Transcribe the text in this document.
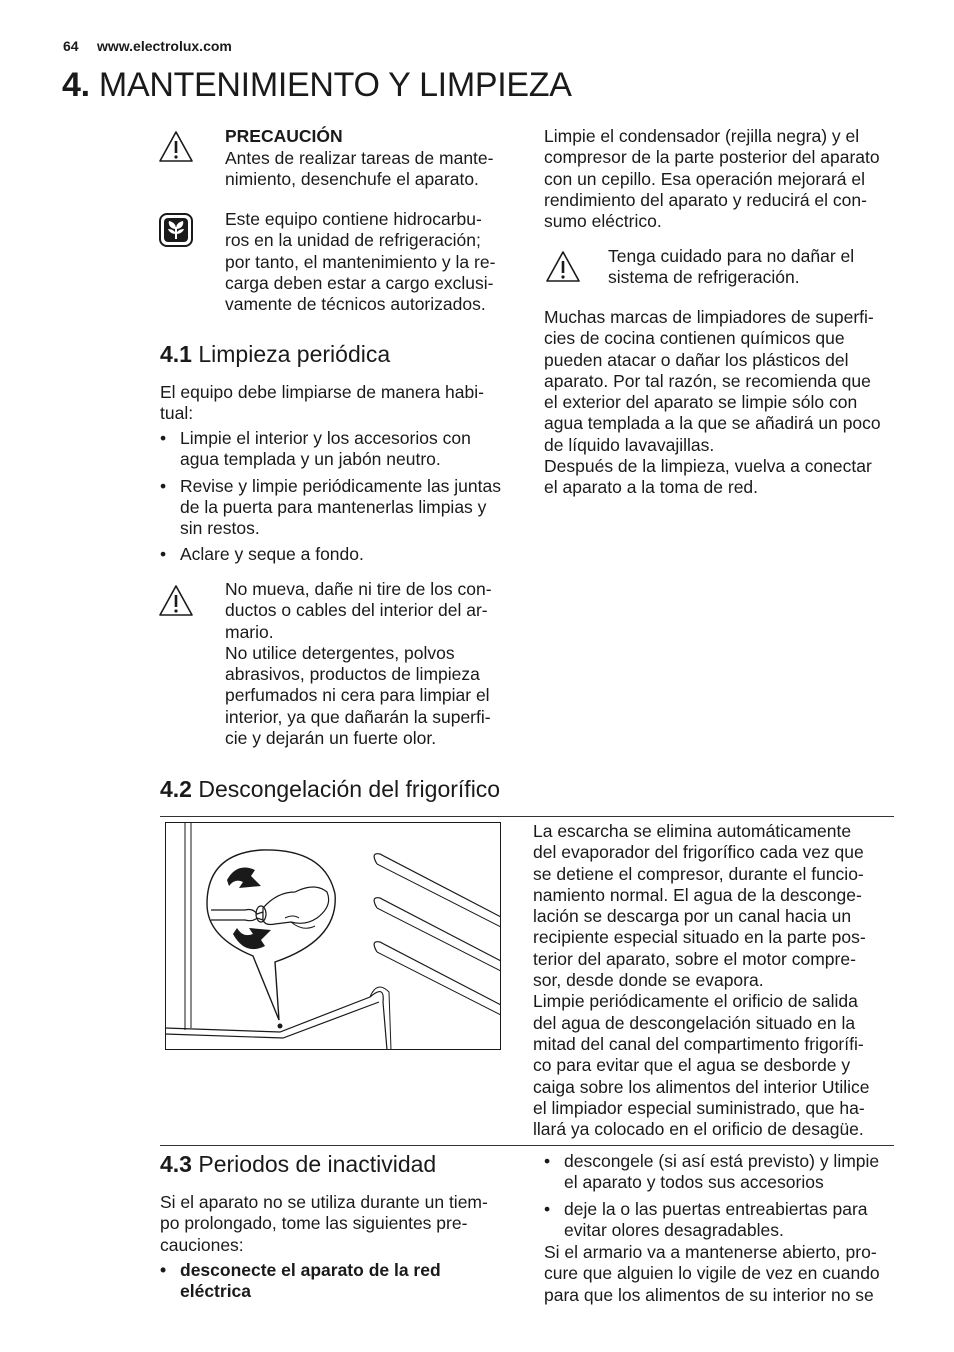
64 www.electrolux.com
4. MANTENIMIENTO Y LIMPIEZA
PRECAUCIÓN
Antes de realizar tareas de mante-
nimiento, desenchufe el aparato.
Este equipo contiene hidrocarbu-
ros en la unidad de refrigeración;
por tanto, el mantenimiento y la re-
carga deben estar a cargo exclusi-
vamente de técnicos autorizados.
4.1 Limpieza periódica
El equipo debe limpiarse de manera habi-
tual:
• Limpie el interior y los accesorios con
agua templada y un jabón neutro.
• Revise y limpie periódicamente las juntas
de la puerta para mantenerlas limpias y
sin restos.
• Aclare y seque a fondo.
No mueva, dañe ni tire de los con-
ductos o cables del interior del ar-
mario.
No utilice detergentes, polvos
abrasivos, productos de limpieza
perfumados ni cera para limpiar el
interior, ya que dañarán la superfi-
cie y dejarán un fuerte olor.
Limpie el condensador (rejilla negra) y el
compresor de la parte posterior del aparato
con un cepillo. Esa operación mejorará el
rendimiento del aparato y reducirá el con-
sumo eléctrico.
Tenga cuidado para no dañar el
sistema de refrigeración.
Muchas marcas de limpiadores de superfi-
cies de cocina contienen químicos que
pueden atacar o dañar los plásticos del
aparato. Por tal razón, se recomienda que
el exterior del aparato se limpie sólo con
agua templada a la que se añadirá un poco
de líquido lavavajillas.
Después de la limpieza, vuelva a conectar
el aparato a la toma de red.
4.2 Descongelación del frigorífico
La escarcha se elimina automáticamente
del evaporador del frigorífico cada vez que
se detiene el compresor, durante el funcio-
namiento normal. El agua de la desconge-
lación se descarga por un canal hacia un
recipiente especial situado en la parte pos-
terior del aparato, sobre el motor compre-
sor, desde donde se evapora.
Limpie periódicamente el orificio de salida
del agua de descongelación situado en la
mitad del canal del compartimento frigorífi-
co para evitar que el agua se desborde y
caiga sobre los alimentos del interior Utilice
el limpiador especial suministrado, que ha-
llará ya colocado en el orificio de desagüe.
4.3 Periodos de inactividad
Si el aparato no se utiliza durante un tiem-
po prolongado, tome las siguientes pre-
cauciones:
• desconecte el aparato de la red
eléctrica
• descongele (si así está previsto) y limpie
el aparato y todos sus accesorios
• deje la o las puertas entreabiertas para
evitar olores desagradables.
Si el armario va a mantenerse abierto, pro-
cure que alguien lo vigile de vez en cuando
para que los alimentos de su interior no se
